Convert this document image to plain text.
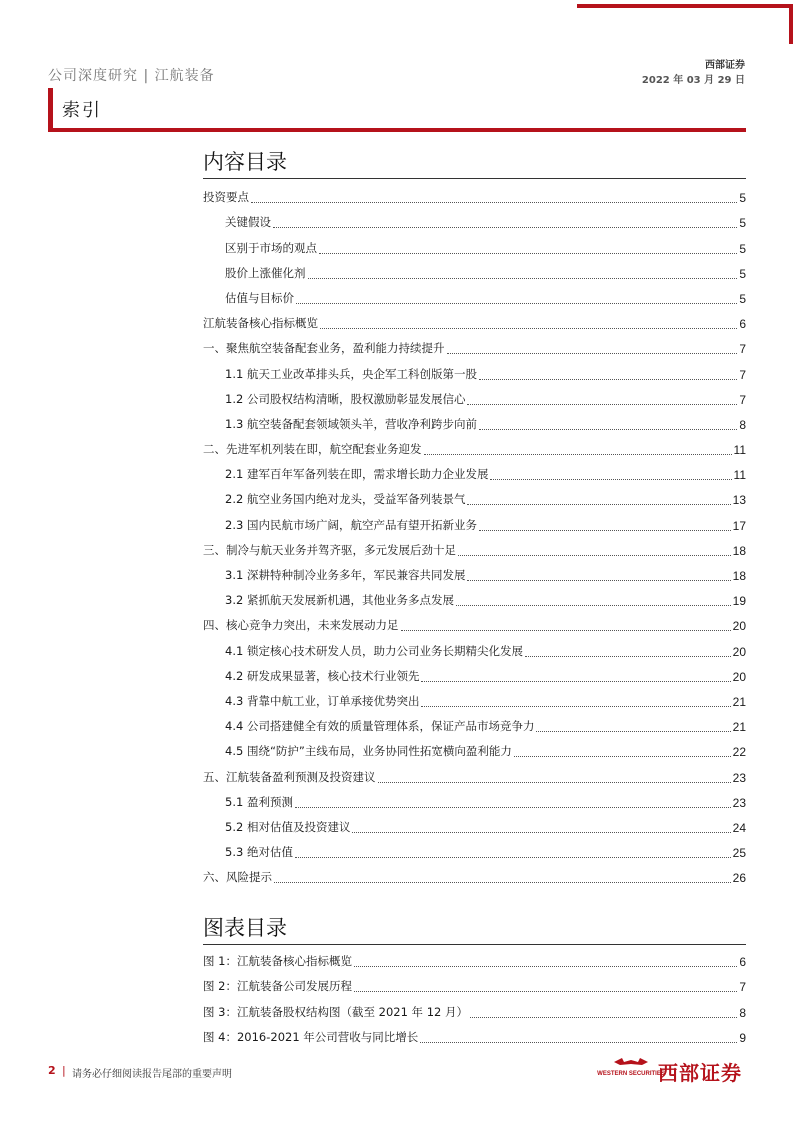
公司深度研究 | 江航装备
西部证券
2022 年 03 月 29 日
索引
内容目录
投资要点	5
关键假设	5
区别于市场的观点	5
股价上涨催化剂	5
估值与目标价	5
江航装备核心指标概览	6
一、聚焦航空装备配套业务，盈利能力持续提升	7
1.1 航天工业改革排头兵，央企军工科创版第一股	7
1.2 公司股权结构清晰，股权激励彰显发展信心	7
1.3 航空装备配套领域领头羊，营收净利跨步向前	8
二、先进军机列装在即，航空配套业务迎发	11
2.1 建军百年军备列装在即，需求增长助力企业发展	11
2.2 航空业务国内绝对龙头，受益军备列装景气	13
2.3 国内民航市场广阔，航空产品有望开拓新业务	17
三、制冷与航天业务并驾齐驱，多元发展后劲十足	18
3.1 深耕特种制冷业务多年，军民兼容共同发展	18
3.2 紧抓航天发展新机遇，其他业务多点发展	19
四、核心竞争力突出，未来发展动力足	20
4.1 锁定核心技术研发人员，助力公司业务长期精尖化发展	20
4.2 研发成果显著，核心技术行业领先	20
4.3 背靠中航工业，订单承接优势突出	21
4.4 公司搭建健全有效的质量管理体系，保证产品市场竞争力	21
4.5 围绕“防护”主线布局，业务协同性拓宽横向盈利能力	22
五、江航装备盈利预测及投资建议	23
5.1 盈利预测	23
5.2 相对估值及投资建议	24
5.3 绝对估值	25
六、风险提示	26
图表目录
图 1：江航装备核心指标概览	6
图 2：江航装备公司发展历程	7
图 3：江航装备股权结构图（截至 2021 年 12 月）	8
图 4：2016-2021 年公司营收与同比增长	9
2 | 请务必仔细阅读报告尾部的重要声明	WESTERN SECURITIES
西部证券
